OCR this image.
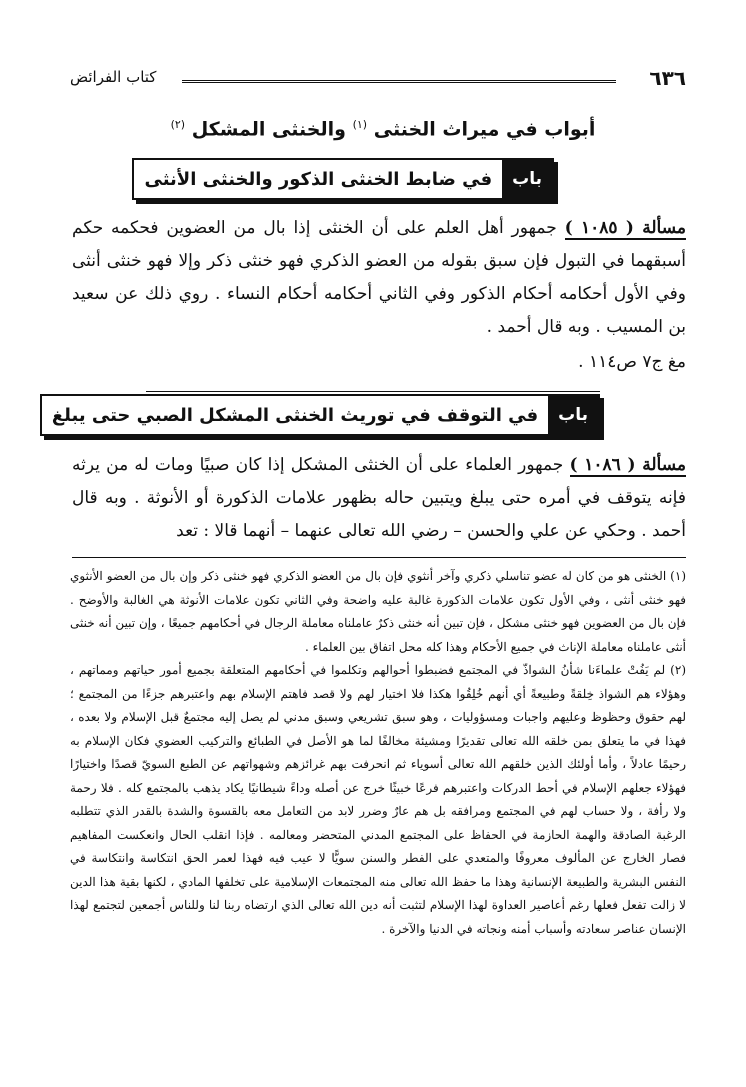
٦٣٦
كتاب الفرائض
أبواب في ميراث الخنثى $^{(١)}$ والخنثى المشكل $^{(٢)}$
باب
في ضابط الخنثى الذكور والخنثى الأنثى
مسألة ( ١٠٨٥ ) جمهور أهل العلم على أن الخنثى إذا بال من العضوين فحكمه حكم أسبقهما في التبول فإن سبق بقوله من العضو الذكري فهو خنثى ذكر وإلا فهو خنثى أنثى وفي الأول أحكامه أحكام الذكور وفي الثاني أحكامه أحكام النساء . روي ذلك عن سعيد بن المسيب . وبه قال أحمد .
مغ ج٧ ص١١٤ .
باب
في التوقف في توريث الخنثى المشكل الصبي حتى يبلغ
مسألة ( ١٠٨٦ ) جمهور العلماء على أن الخنثى المشكل إذا كان صبيًا ومات له من يرثه فإنه يتوقف في أمره حتى يبلغ ويتبين حاله بظهور علامات الذكورة أو الأنوثة . وبه قال أحمد . وحكي عن علي والحسن – رضي الله تعالى عنهما – أنهما قالا : تعد

(١) الخنثى هو من كان له عضو تناسلي ذكري وآخر أنثوي فإن بال من العضو الذكري فهو خنثى ذكر وإن بال من العضو الأنثوي فهو خنثى أنثى ، وفي الأول تكون علامات الذكورة غالبة عليه واضحة وفي الثاني تكون علامات الأنوثة هي الغالبة والأوضح . فإن بال من العضوين فهو خنثى مشكل ، فإن تبين أنه خنثى ذكرٌ عاملناه معاملة الرجال في أحكامهم جميعًا ، وإن تبين أنه خنثى أنثى عاملناه معاملة الإناث في جميع الأحكام وهذا كله محل اتفاق بين العلماء .

(٢) لم يَفُتْ علماءَنا شأنُ الشواذّ في المجتمع فضبطوا أحوالهم وتكلموا في أحكامهم المتعلقة بجميع أمور حياتهم ومماتهم ، وهؤلاء هم الشواذ خِلقةً وطبيعةً أي أنهم خُلِقُوا هكذا فلا اختيار لهم ولا قصد فاهتم الإسلام بهم واعتبرهم جزءًا من المجتمع ؛ لهم حقوق وحظوظ وعليهم واجبات ومسؤوليات ، وهو سبق تشريعي وسبق مدني لم يصل إليه مجتمعٌ قبل الإسلام ولا بعده ، فهذا في ما يتعلق بمن خلقه الله تعالى تقديرًا ومشيئة مخالفًا لما هو الأصل في الطبائع والتركيب العضوي فكان الإسلام به رحيمًا عادلاً ، وأما أولئك الذين خلقهم الله تعالى أسوياء ثم انحرفت بهم غرائزهم وشهواتهم عن الطبع السويّ قصدًا واختيارًا فهؤلاء جعلهم الإسلام في أحط الدركات واعتبرهم فرعًا خبيثًا خرج عن أصله وداءً شيطانيًا يكاد يذهب بالمجتمع كله . فلا رحمة ولا رأفة ، ولا حساب لهم في المجتمع ومرافقه بل هم عارٌ وضرر لابد من التعامل معه بالقسوة والشدة بالقدر الذي تتطلبه الرغبة الصادقة والهمة الحازمة في الحفاظ على المجتمع المدني المتحضر ومعالمه . فإذا انقلب الحال وانعكست المفاهيم فصار الخارج عن المألوف معروفًا والمتعدي على الفطر والسنن سويًّا لا عيب فيه فهذا لعمر الحق انتكاسة وانتكاسة في النفس البشرية والطبيعة الإنسانية وهذا ما حفظ الله تعالى منه المجتمعات الإسلامية على تخلفها المادي ، لكنها بقية هذا الدين لا زالت تفعل فعلها رغم أعاصير العداوة لهذا الإسلام لتثبت أنه دين الله تعالى الذي ارتضاه ربنا لنا وللناس أجمعين لتجتمع لهذا الإنسان عناصر سعادته وأسباب أمنه ونجاته في الدنيا والآخرة .
